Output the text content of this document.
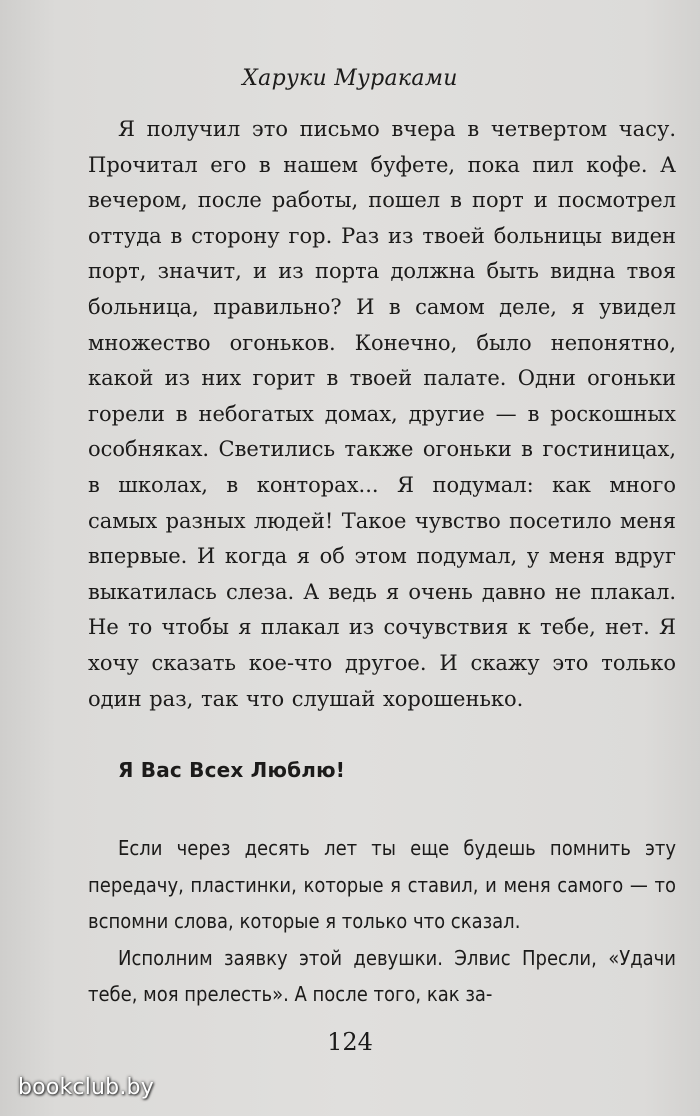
Харуки Мураками

Я получил это письмо вчера в четвертом часу. Прочитал его в нашем буфете, пока пил кофе. А вечером, после работы, пошел в порт и посмотрел оттуда в сторону гор. Раз из твоей больницы виден порт, значит, и из порта должна быть видна твоя больница, правильно? И в самом деле, я увидел множество огоньков. Конечно, было непонятно, какой из них горит в твоей палате. Одни огоньки горели в небогатых домах, другие — в роскошных особняках. Светились также огоньки в гостиницах, в школах, в конторах... Я подумал: как много самых разных людей! Такое чувство посетило меня впервые. И когда я об этом подумал, у меня вдруг выкатилась слеза. А ведь я очень давно не плакал. Не то чтобы я плакал из сочувствия к тебе, нет. Я хочу сказать кое-что другое. И скажу это только один раз, так что слушай хорошенько.

Я Вас Всех Люблю!

Если через десять лет ты еще будешь помнить эту передачу, пластинки, которые я ставил, и меня самого — то вспомни слова, которые я только что сказал.

Исполним заявку этой девушки. Элвис Пресли, «Удачи тебе, моя прелесть». А после того, как за-

124
bookclub.by
